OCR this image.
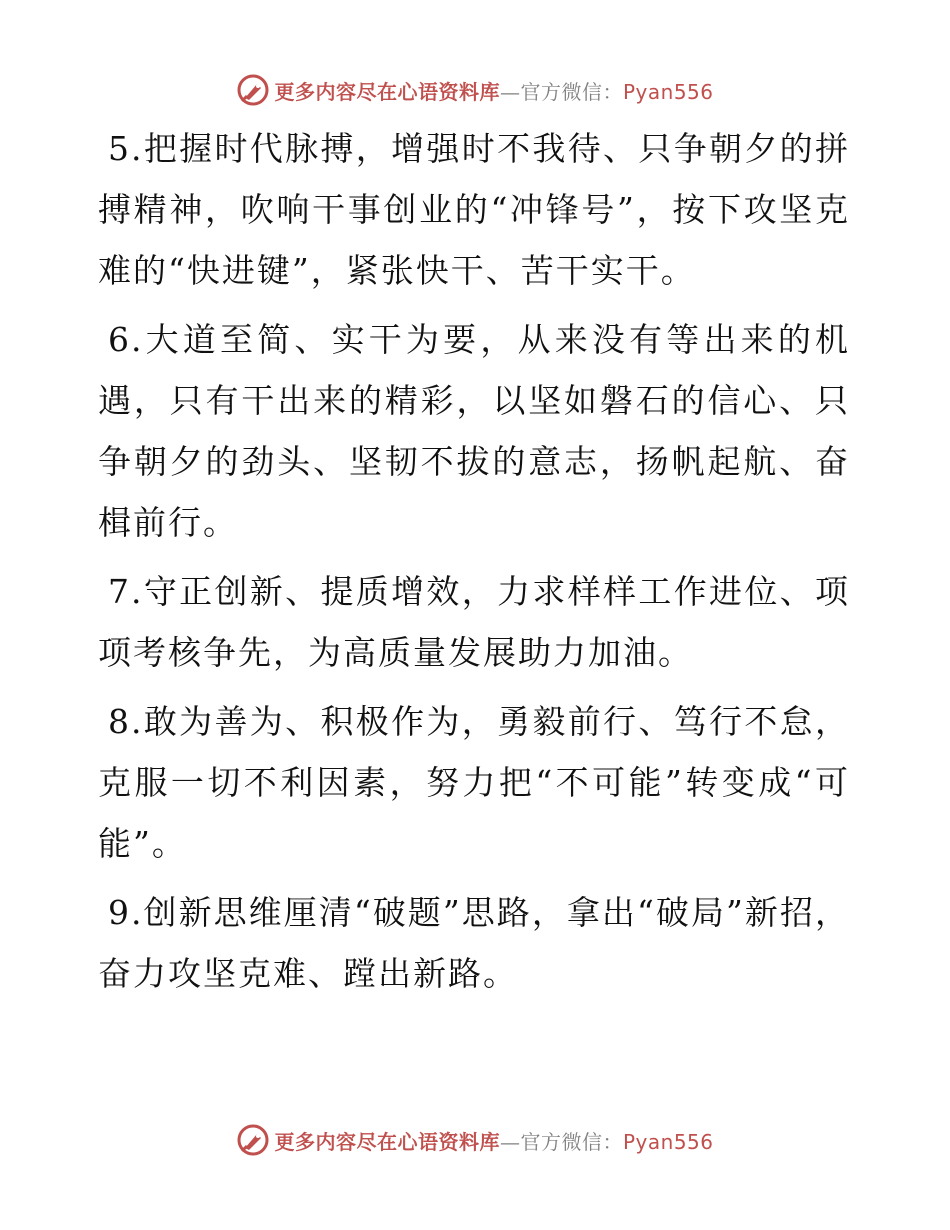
更多内容尽在心语资料库—官方微信：Pyan556

5.把握时代脉搏，增强时不我待、只争朝夕的拼搏精神，吹响干事创业的“冲锋号”，按下攻坚克难的“快进键”，紧张快干、苦干实干。

6.大道至简、实干为要，从来没有等出来的机遇，只有干出来的精彩，以坚如磐石的信心、只争朝夕的劲头、坚韧不拔的意志，扬帆起航、奋楫前行。

7.守正创新、提质增效，力求样样工作进位、项项考核争先，为高质量发展助力加油。

8.敢为善为、积极作为，勇毅前行、笃行不怠，克服一切不利因素，努力把“不可能”转变成“可能”。

9.创新思维厘清“破题”思路，拿出“破局”新招，奋力攻坚克难、蹚出新路。

更多内容尽在心语资料库—官方微信：Pyan556
